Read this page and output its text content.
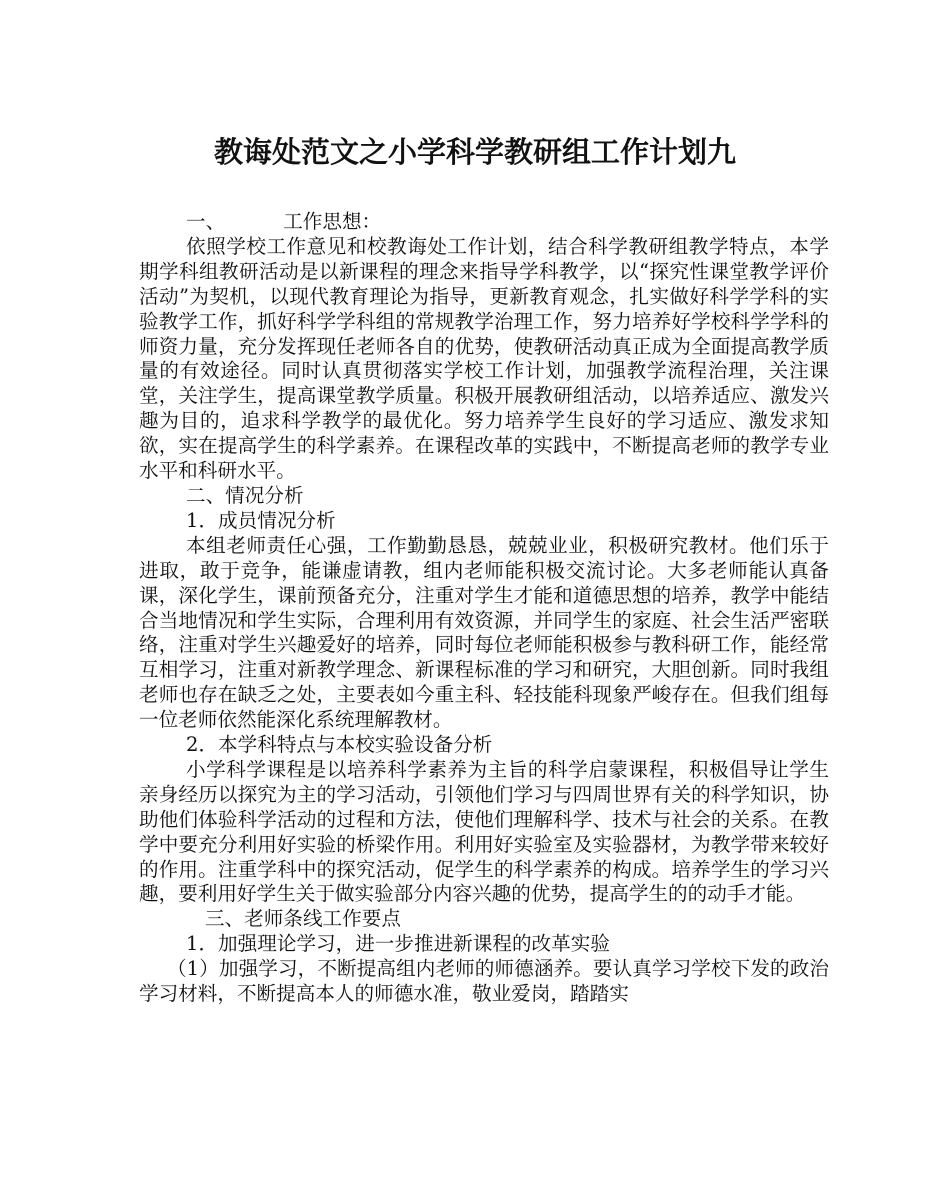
教诲处范文之小学科学教研组工作计划九

一、	工作思想：

依照学校工作意见和校教诲处工作计划，结合科学教研组教学特点，本学期学科组教研活动是以新课程的理念来指导学科教学，以“探究性课堂教学评价活动”为契机，以现代教育理论为指导，更新教育观念，扎实做好科学学科的实验教学工作，抓好科学学科组的常规教学治理工作，努力培养好学校科学学科的师资力量，充分发挥现任老师各自的优势，使教研活动真正成为全面提高教学质量的有效途径。同时认真贯彻落实学校工作计划，加强教学流程治理，关注课堂，关注学生，提高课堂教学质量。积极开展教研组活动，以培养适应、激发兴趣为目的，追求科学教学的最优化。努力培养学生良好的学习适应、激发求知欲，实在提高学生的科学素养。在课程改革的实践中，不断提高老师的教学专业水平和科研水平。

二、情况分析

1．成员情况分析

本组老师责任心强，工作勤勤恳恳，兢兢业业，积极研究教材。他们乐于进取，敢于竞争，能谦虚请教，组内老师能积极交流讨论。大多老师能认真备课，深化学生，课前预备充分，注重对学生才能和道德思想的培养，教学中能结合当地情况和学生实际，合理利用有效资源，并同学生的家庭、社会生活严密联络，注重对学生兴趣爱好的培养，同时每位老师能积极参与教科研工作，能经常互相学习，注重对新教学理念、新课程标准的学习和研究，大胆创新。同时我组老师也存在缺乏之处，主要表如今重主科、轻技能科现象严峻存在。但我们组每一位老师依然能深化系统理解教材。

2．本学科特点与本校实验设备分析

小学科学课程是以培养科学素养为主旨的科学启蒙课程，积极倡导让学生亲身经历以探究为主的学习活动，引领他们学习与四周世界有关的科学知识，协助他们体验科学活动的过程和方法，使他们理解科学、技术与社会的关系。在教学中要充分利用好实验的桥梁作用。利用好实验室及实验器材，为教学带来较好的作用。注重学科中的探究活动，促学生的科学素养的构成。培养学生的学习兴趣，要利用好学生关于做实验部分内容兴趣的优势，提高学生的的动手才能。

三、老师条线工作要点

1．加强理论学习，进一步推进新课程的改革实验

（1）加强学习，不断提高组内老师的师德涵养。要认真学习学校下发的政治学习材料，不断提高本人的师德水准，敬业爱岗，踏踏实
